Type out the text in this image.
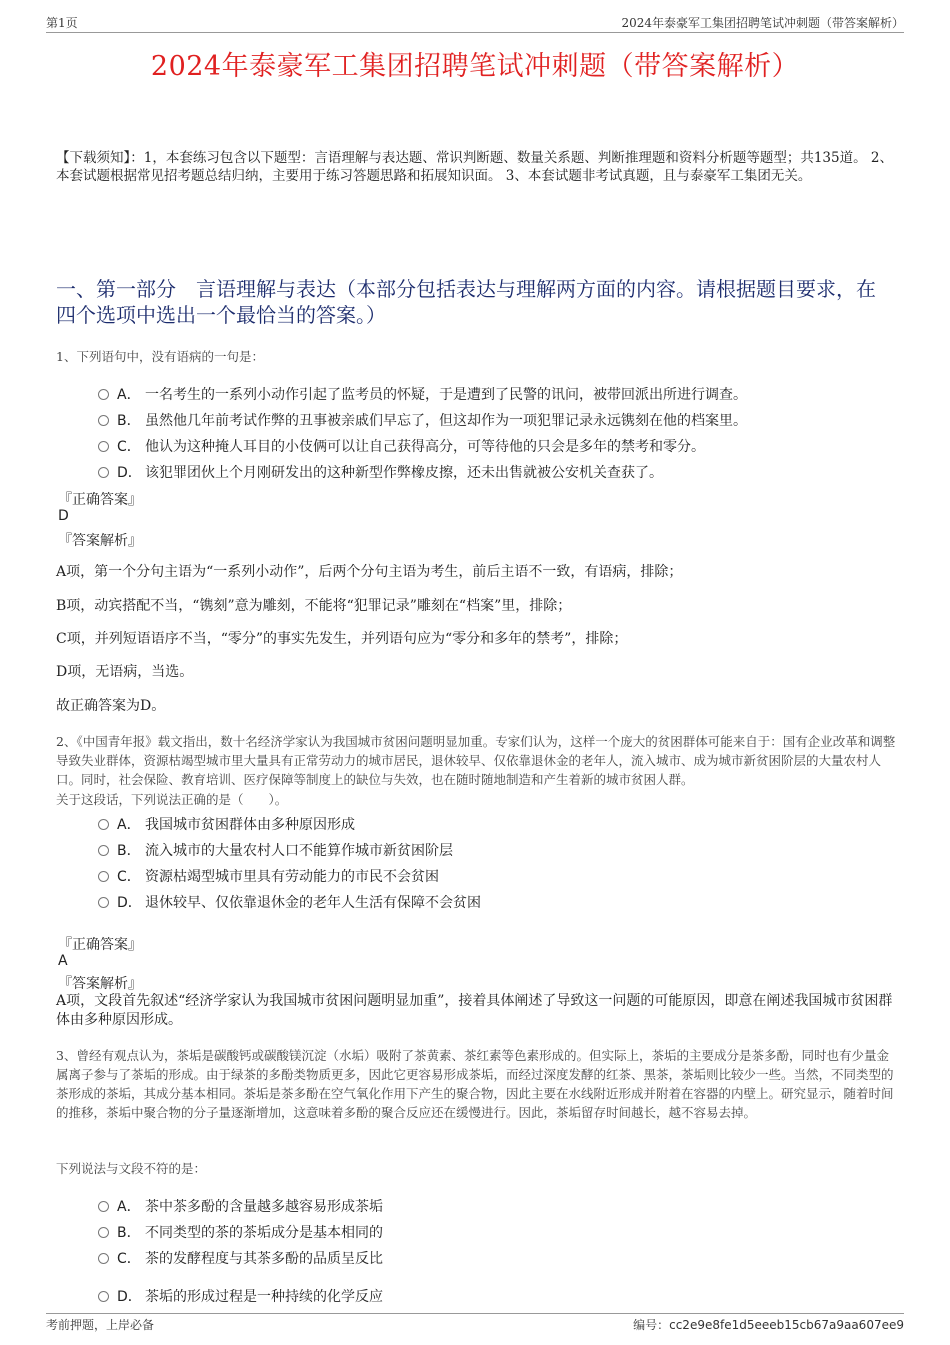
第1页	2024年泰豪军工集团招聘笔试冲刺题（带答案解析）
2024年泰豪军工集团招聘笔试冲刺题（带答案解析）
【下载须知】：1，本套练习包含以下题型：言语理解与表达题、常识判断题、数量关系题、判断推理题和资料分析题等题型；共135道。 2、本套试题根据常见招考题总结归纳，主要用于练习答题思路和拓展知识面。 3、本套试题非考试真题，且与泰豪军工集团无关。
一、第一部分　言语理解与表达（本部分包括表达与理解两方面的内容。请根据题目要求，在四个选项中选出一个最恰当的答案。）
1、下列语句中，没有语病的一句是：
A． 一名考生的一系列小动作引起了监考员的怀疑，于是遭到了民警的讯问，被带回派出所进行调查。
B． 虽然他几年前考试作弊的丑事被亲戚们早忘了，但这却作为一项犯罪记录永远镌刻在他的档案里。
C． 他认为这种掩人耳目的小伎俩可以让自己获得高分，可等待他的只会是多年的禁考和零分。
D． 该犯罪团伙上个月刚研发出的这种新型作弊橡皮擦，还未出售就被公安机关查获了。
『正确答案』
D
『答案解析』
A项，第一个分句主语为“一系列小动作”，后两个分句主语为考生，前后主语不一致，有语病，排除；
B项，动宾搭配不当，“镌刻”意为雕刻，不能将“犯罪记录”雕刻在“档案”里，排除；
C项，并列短语语序不当，“零分”的事实先发生，并列语句应为“零分和多年的禁考”，排除；
D项，无语病，当选。
故正确答案为D。
2、《中国青年报》载文指出，数十名经济学家认为我国城市贫困问题明显加重。专家们认为，这样一个庞大的贫困群体可能来自于：国有企业改革和调整导致失业群体，资源枯竭型城市里大量具有正常劳动力的城市居民，退休较早、仅依靠退休金的老年人，流入城市、成为城市新贫困阶层的大量农村人口。同时，社会保险、教育培训、医疗保障等制度上的缺位与失效，也在随时随地制造和产生着新的城市贫困人群。
关于这段话，下列说法正确的是（　　）。
A． 我国城市贫困群体由多种原因形成
B． 流入城市的大量农村人口不能算作城市新贫困阶层
C． 资源枯竭型城市里具有劳动能力的市民不会贫困
D． 退休较早、仅依靠退休金的老年人生活有保障不会贫困
『正确答案』
A
『答案解析』
A项，文段首先叙述“经济学家认为我国城市贫困问题明显加重”，接着具体阐述了导致这一问题的可能原因，即意在阐述我国城市贫困群体由多种原因形成。
3、曾经有观点认为，茶垢是碳酸钙或碳酸镁沉淀（水垢）吸附了茶黄素、茶红素等色素形成的。但实际上，茶垢的主要成分是茶多酚，同时也有少量金属离子参与了茶垢的形成。由于绿茶的多酚类物质更多，因此它更容易形成茶垢，而经过深度发酵的红茶、黑茶，茶垢则比较少一些。当然，不同类型的茶形成的茶垢，其成分基本相同。茶垢是茶多酚在空气氧化作用下产生的聚合物，因此主要在水线附近形成并附着在容器的内壁上。研究显示，随着时间的推移，茶垢中聚合物的分子量逐渐增加，这意味着多酚的聚合反应还在缓慢进行。因此，茶垢留存时间越长，越不容易去掉。
下列说法与文段不符的是：
A． 茶中茶多酚的含量越多越容易形成茶垢
B． 不同类型的茶的茶垢成分是基本相同的
C． 茶的发酵程度与其茶多酚的品质呈反比
D． 茶垢的形成过程是一种持续的化学反应
考前押题，上岸必备	编号：cc2e9e8fe1d5eeeb15cb67a9aa607ee9
